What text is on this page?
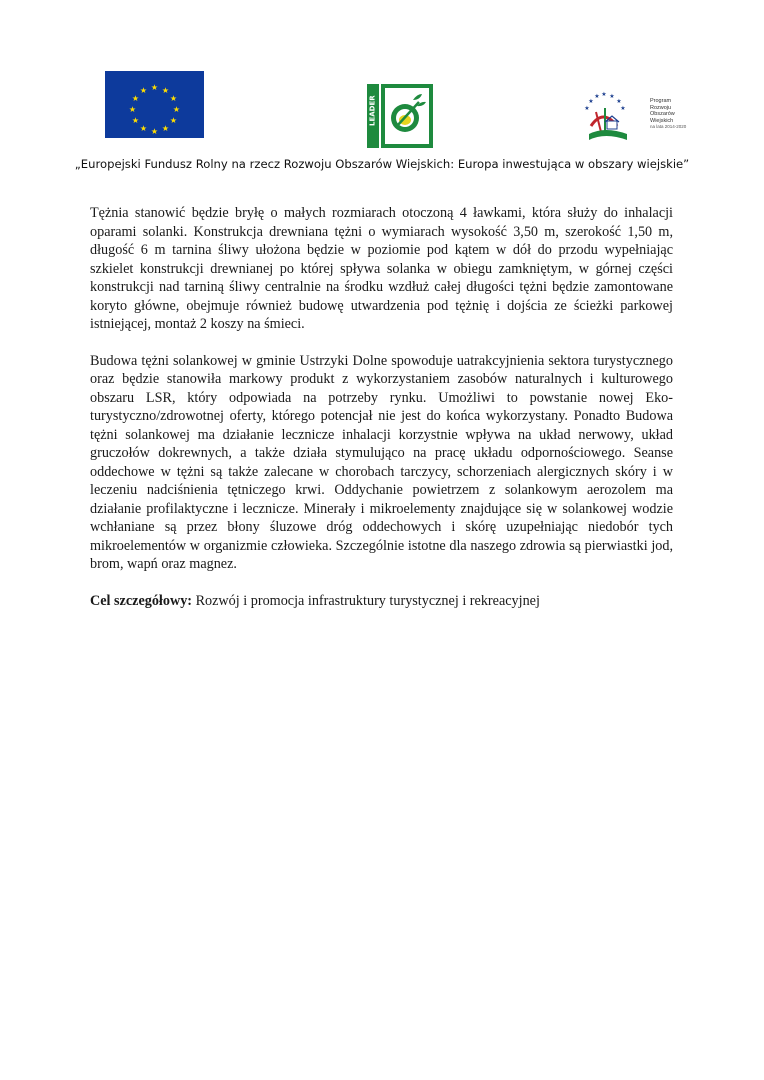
★ ★
★
★
★
★
★
★
★
★
★
★
LEADER
★ ★
★
★
★
★	★
Program
Rozwoju
Obszarów
Wiejskich
na lata 2014-2020
„Europejski Fundusz Rolny na rzecz Rozwoju Obszarów Wiejskich: Europa inwestująca w obszary wiejskie”

Tężnia stanowić będzie bryłę o małych rozmiarach otoczoną 4 ławkami, która służy do inhalacji oparami solanki. Konstrukcja drewniana tężni o wymiarach wysokość 3,50 m, szerokość 1,50 m, długość 6 m tarnina śliwy ułożona będzie w poziomie pod kątem w dół do przodu wypełniając szkielet konstrukcji drewnianej po której spływa solanka w obiegu zamkniętym, w górnej części konstrukcji nad tarniną śliwy centralnie na środku wzdłuż całej długości tężni będzie zamontowane koryto główne, obejmuje również budowę utwardzenia pod tężnię i dojścia ze ścieżki parkowej istniejącej, montaż 2 koszy na śmieci.

Budowa tężni solankowej w gminie Ustrzyki Dolne spowoduje uatrakcyjnienia sektora turystycznego oraz będzie stanowiła markowy produkt z wykorzystaniem zasobów naturalnych i kulturowego obszaru LSR, który odpowiada na potrzeby rynku. Umożliwi to powstanie nowej Eko-turystyczno/zdrowotnej oferty, którego potencjał nie jest do końca wykorzystany. Ponadto Budowa tężni solankowej ma działanie lecznicze inhalacji korzystnie wpływa na układ nerwowy, układ gruczołów dokrewnych, a także działa stymulująco na pracę układu odpornościowego. Seanse oddechowe w tężni są także zalecane w chorobach tarczycy, schorzeniach alergicznych skóry i w leczeniu nadciśnienia tętniczego krwi. Oddychanie powietrzem z solankowym aerozolem ma działanie profilaktyczne i lecznicze. Minerały i mikroelementy znajdujące się w solankowej wodzie wchłaniane są przez błony śluzowe dróg oddechowych i skórę uzupełniając niedobór tych mikroelementów w organizmie człowieka. Szczególnie istotne dla naszego zdrowia są pierwiastki jod, brom, wapń oraz magnez.

Cel szczegółowy: Rozwój i promocja infrastruktury turystycznej i rekreacyjnej
